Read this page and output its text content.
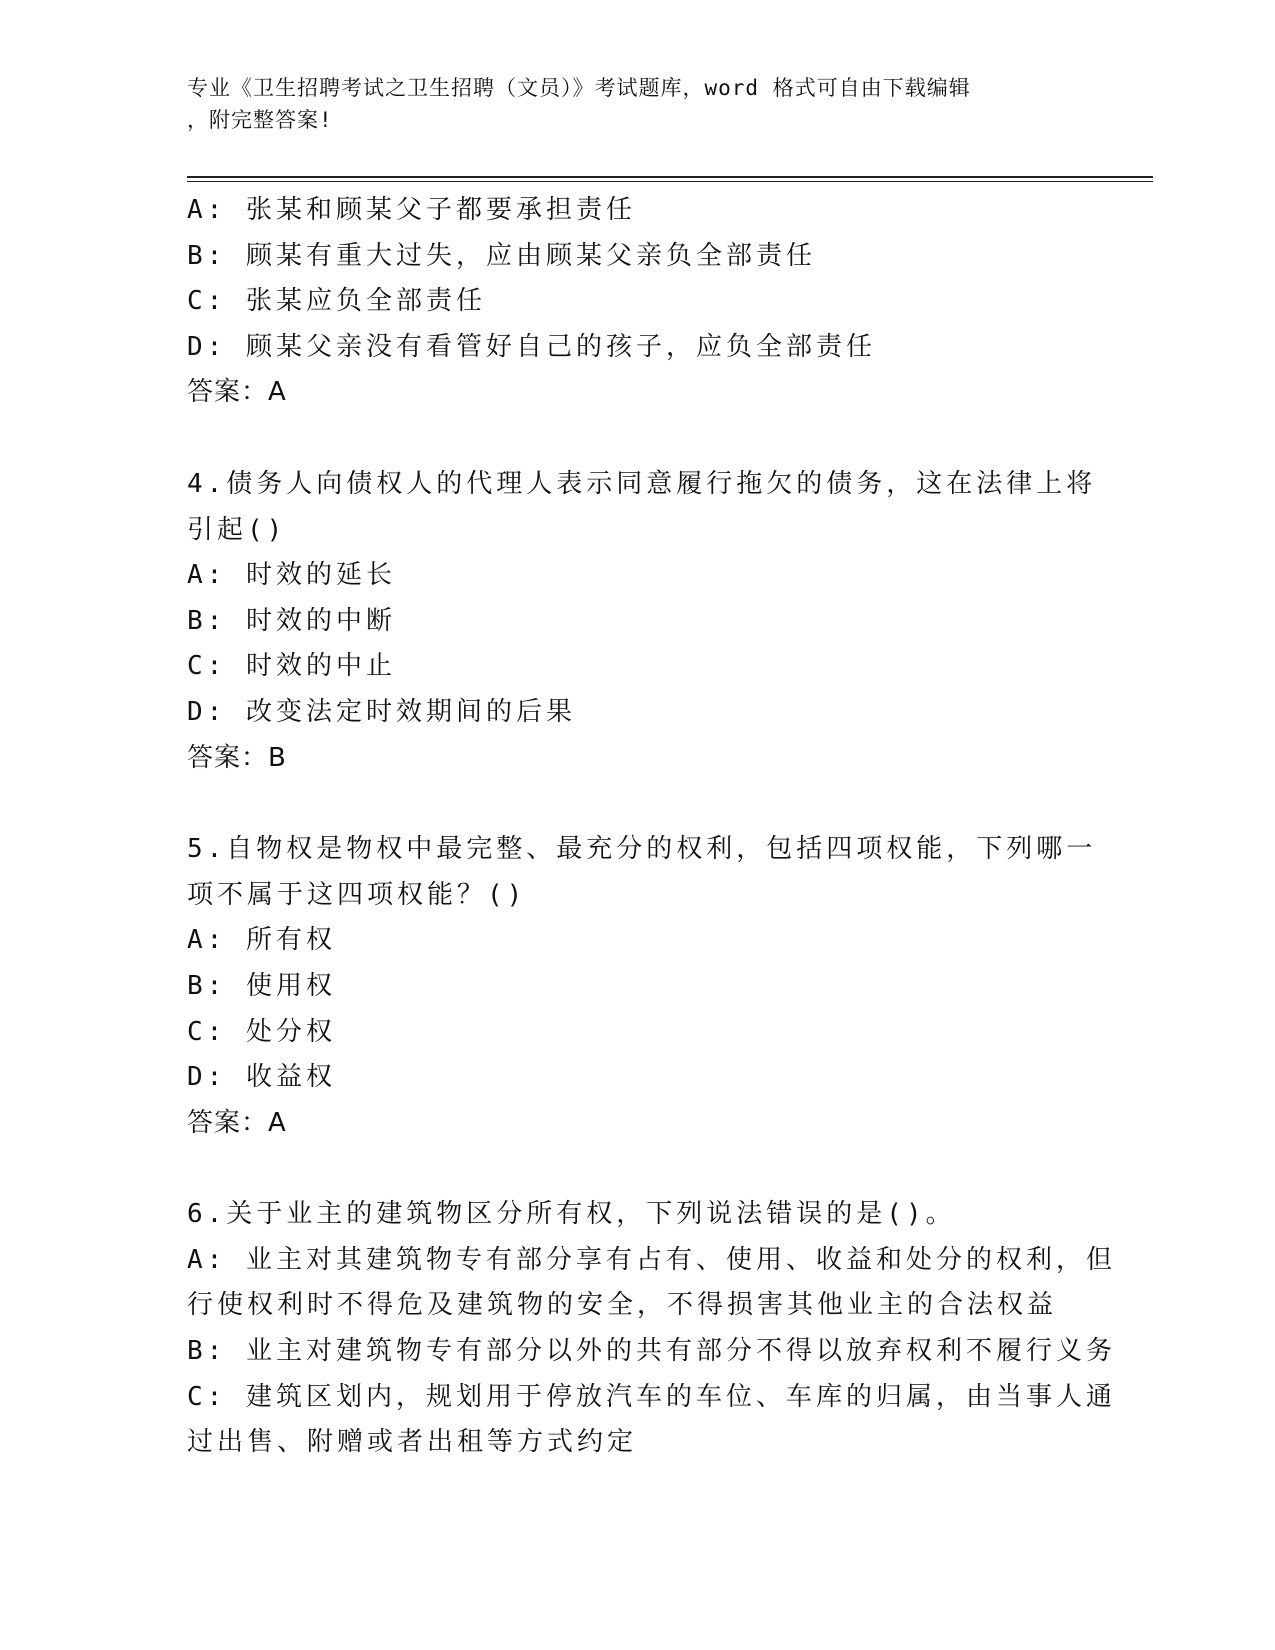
专业《卫生招聘考试之卫生招聘（文员）》考试题库，word 格式可自由下载编辑
，附完整答案!
A: 张某和顾某父子都要承担责任
B: 顾某有重大过失，应由顾某父亲负全部责任
C: 张某应负全部责任
D: 顾某父亲没有看管好自己的孩子，应负全部责任
答案：A
4.债务人向债权人的代理人表示同意履行拖欠的债务，这在法律上将
引起()
A: 时效的延长
B: 时效的中断
C: 时效的中止
D: 改变法定时效期间的后果
答案：B
5.自物权是物权中最完整、最充分的权利，包括四项权能，下列哪一
项不属于这四项权能？()
A: 所有权
B: 使用权
C: 处分权
D: 收益权
答案：A
6.关于业主的建筑物区分所有权，下列说法错误的是()。
A: 业主对其建筑物专有部分享有占有、使用、收益和处分的权利，但
行使权利时不得危及建筑物的安全，不得损害其他业主的合法权益
B: 业主对建筑物专有部分以外的共有部分不得以放弃权利不履行义务
C: 建筑区划内，规划用于停放汽车的车位、车库的归属，由当事人通
过出售、附赠或者出租等方式约定
